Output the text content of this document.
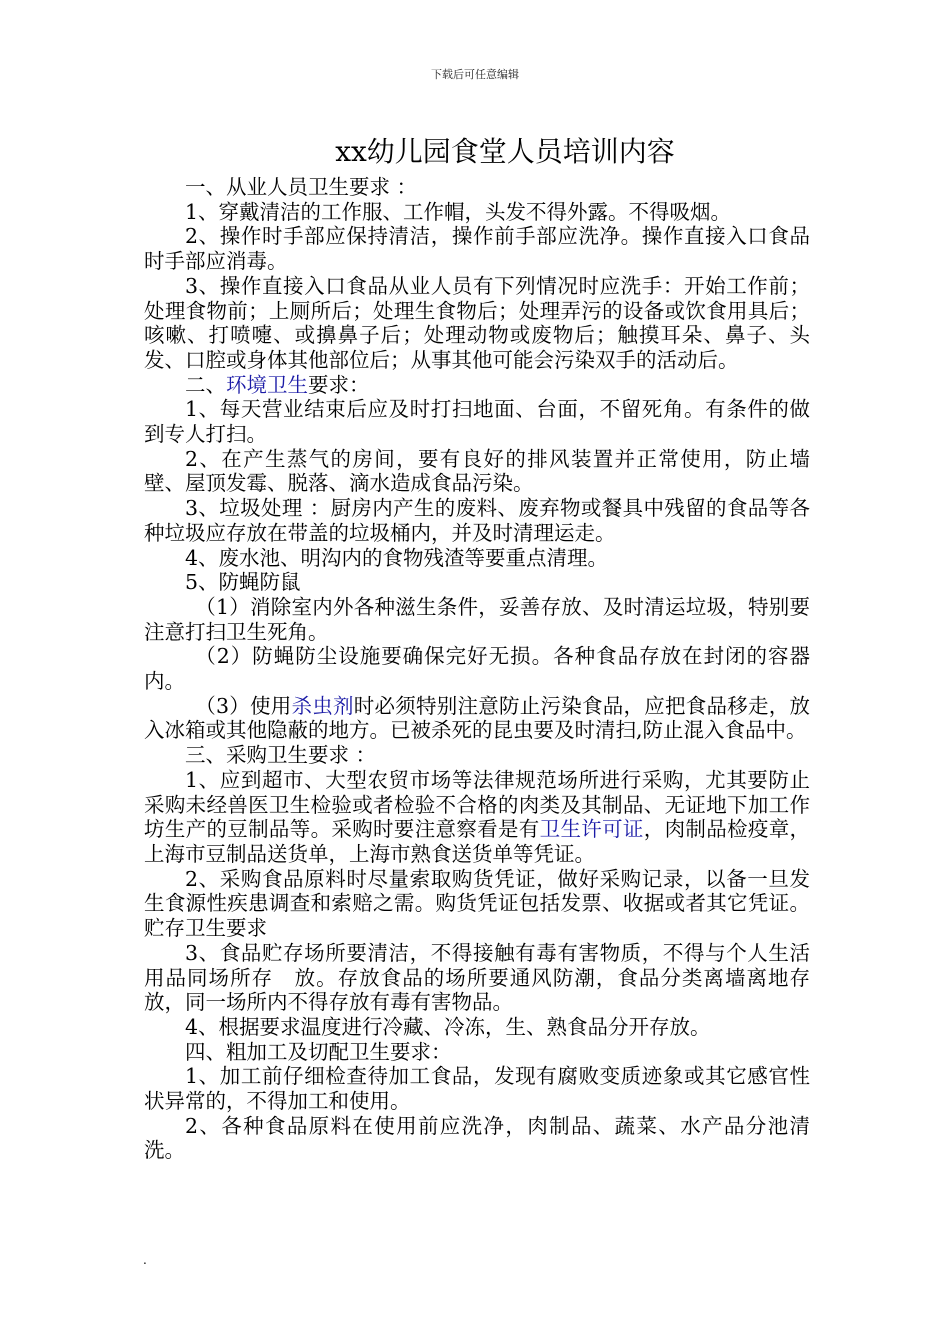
下载后可任意编辑
xx幼儿园食堂人员培训内容

一、从业人员卫生要求 ：

1、穿戴清洁的工作服、工作帽，头发不得外露。不得吸烟。

2、操作时手部应保持清洁，操作前手部应洗净。操作直接入口食品时手部应消毒。

3、操作直接入口食品从业人员有下列情况时应洗手：开始工作前；处理食物前；上厕所后；处理生食物后；处理弄污的设备或饮食用具后；咳嗽、打喷嚏、或擤鼻子后；处理动物或废物后；触摸耳朵、鼻子、头发、口腔或身体其他部位后；从事其他可能会污染双手的活动后。

二、环境卫生要求：

1、每天营业结束后应及时打扫地面、台面，不留死角。有条件的做到专人打扫。

2、在产生蒸气的房间，要有良好的排风装置并正常使用，防止墙壁、屋顶发霉、脱落、滴水造成食品污染。

3、垃圾处理 ：厨房内产生的废料、废弃物或餐具中残留的食品等各种垃圾应存放在带盖的垃圾桶内，并及时清理运走。

4、废水池、明沟内的食物残渣等要重点清理。

5、防蝇防鼠

（1）消除室内外各种滋生条件，妥善存放、及时清运垃圾，特别要注意打扫卫生死角。

（2）防蝇防尘设施要确保完好无损。各种食品存放在封闭的容器内。

（3）使用杀虫剂时必须特别注意防止污染食品，应把食品移走，放入冰箱或其他隐蔽的地方。已被杀死的昆虫要及时清扫,防止混入食品中。

三、采购卫生要求 ：

1、应到超市、大型农贸市场等法律规范场所进行采购，尤其要防止采购未经兽医卫生检验或者检验不合格的肉类及其制品、无证地下加工作坊生产的豆制品等。采购时要注意察看是有卫生许可证，肉制品检疫章，上海市豆制品送货单，上海市熟食送货单等凭证。

2、采购食品原料时尽量索取购货凭证，做好采购记录，以备一旦发生食源性疾患调查和索赔之需。购货凭证包括发票、收据或者其它凭证。 贮存卫生要求

3、食品贮存场所要清洁，不得接触有毒有害物质，不得与个人生活用品同场所存　放。存放食品的场所要通风防潮，食品分类离墙离地存 放，同一场所内不得存放有毒有害物品。

4、根据要求温度进行冷藏、冷冻，生、熟食品分开存放。

四、粗加工及切配卫生要求：

1、加工前仔细检查待加工食品，发现有腐败变质迹象或其它感官性状异常的，不得加工和使用。

2、各种食品原料在使用前应洗净，肉制品、蔬菜、水产品分池清洗。

.
